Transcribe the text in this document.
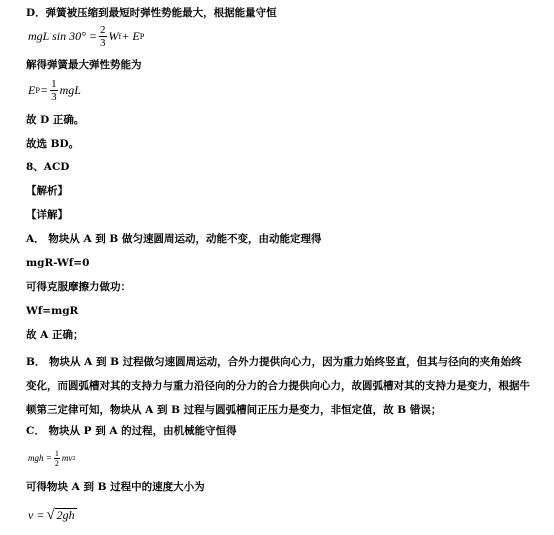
D．弹簧被压缩到最短时弹性势能最大，根据能量守恒
mgL $\sin 30^\circ = \frac{2}{3}$ W f + E P
解得弹簧最大弹性势能为
E $P = \frac{1}{3}$ mgL
故 D 正确。
故选 BD。
8、ACD
【解析】
【详解】
A． 物块从 A 到 B 做匀速圆周运动，动能不变，由动能定理得
mgR-Wf=0
可得克服摩擦力做功：
Wf=mgR
故 A 正确；
B． 物块从 A 到 B 过程做匀速圆周运动，合外力提供向心力，因为重力始终竖直，但其与径向的夹角始终变化，而圆弧槽对其的支持力与重力沿径向的分力的合力提供向心力，故圆弧槽对其的支持力是变力，根据牛顿第三定律可知，物块从 A 到 B 过程与圆弧槽间正压力是变力，非恒定值，故 B 错误；
C． 物块从 P 到 A 的过程，由机械能守恒得
mgh = $\frac{1}{2}$ mv 2
可得物块 A 到 B 过程中的速度大小为
v = √ 2gh
